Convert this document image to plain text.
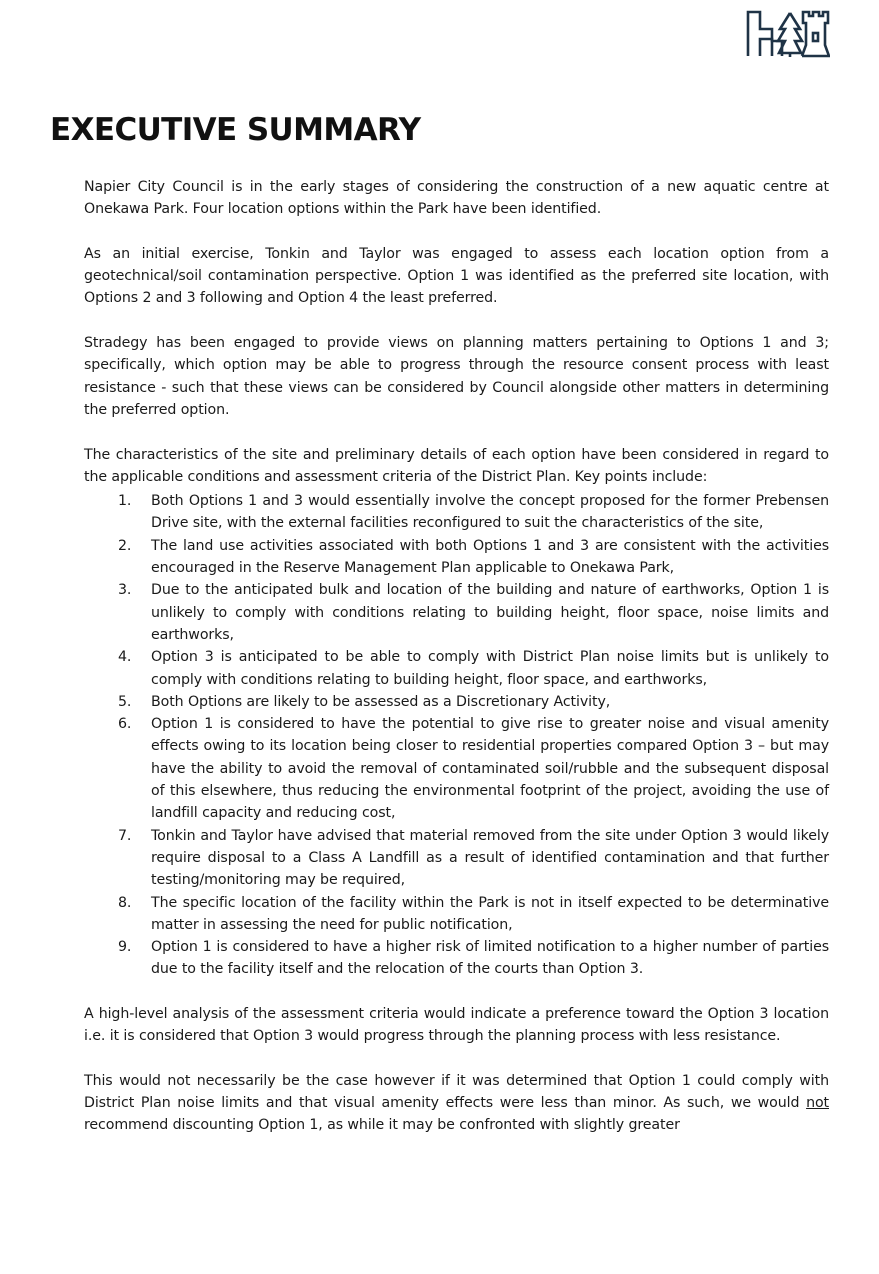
EXECUTIVE SUMMARY

Napier City Council is in the early stages of considering the construction of a new aquatic centre at Onekawa Park. Four location options within the Park have been identified.

As an initial exercise, Tonkin and Taylor was engaged to assess each location option from a geotechnical/soil contamination perspective. Option 1 was identified as the preferred site location, with Options 2 and 3 following and Option 4 the least preferred.

Stradegy has been engaged to provide views on planning matters pertaining to Options 1 and 3; specifically, which option may be able to progress through the resource consent process with least resistance - such that these views can be considered by Council alongside other matters in determining the preferred option.

The characteristics of the site and preliminary details of each option have been considered in regard to the applicable conditions and assessment criteria of the District Plan. Key points include:

1. Both Options 1 and 3 would essentially involve the concept proposed for the former Prebensen Drive site, with the external facilities reconfigured to suit the characteristics of the site,
2. The land use activities associated with both Options 1 and 3 are consistent with the activities encouraged in the Reserve Management Plan applicable to Onekawa Park,
3. Due to the anticipated bulk and location of the building and nature of earthworks, Option 1 is unlikely to comply with conditions relating to building height, floor space, noise limits and earthworks,
4. Option 3 is anticipated to be able to comply with District Plan noise limits but is unlikely to comply with conditions relating to building height, floor space, and earthworks,
5. Both Options are likely to be assessed as a Discretionary Activity,
6. Option 1 is considered to have the potential to give rise to greater noise and visual amenity effects owing to its location being closer to residential properties compared Option 3 – but may have the ability to avoid the removal of contaminated soil/rubble and the subsequent disposal of this elsewhere, thus reducing the environmental footprint of the project, avoiding the use of landfill capacity and reducing cost,
7. Tonkin and Taylor have advised that material removed from the site under Option 3 would likely require disposal to a Class A Landfill as a result of identified contamination and that further testing/monitoring may be required,
8. The specific location of the facility within the Park is not in itself expected to be determinative matter in assessing the need for public notification,
9. Option 1 is considered to have a higher risk of limited notification to a higher number of parties due to the facility itself and the relocation of the courts than Option 3.

A high-level analysis of the assessment criteria would indicate a preference toward the Option 3 location i.e. it is considered that Option 3 would progress through the planning process with less resistance.

This would not necessarily be the case however if it was determined that Option 1 could comply with District Plan noise limits and that visual amenity effects were less than minor. As such, we would not recommend discounting Option 1, as while it may be confronted with slightly greater
